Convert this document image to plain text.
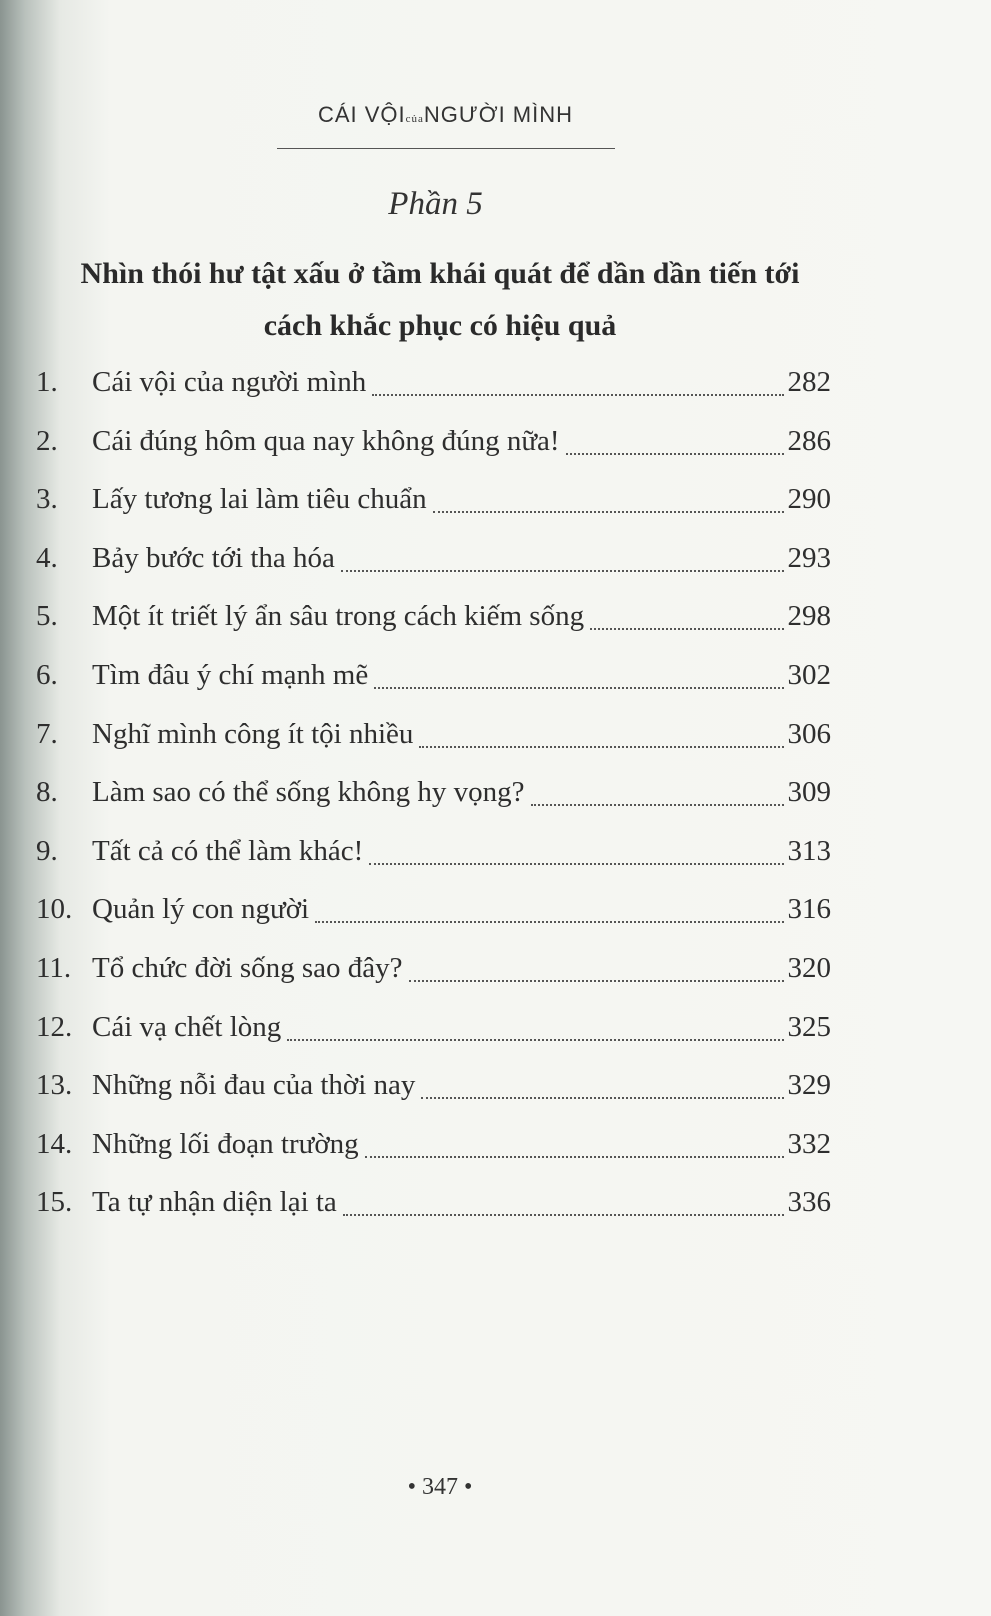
CÁI VỘIcủaNGƯỜI MÌNH
Phần 5
Nhìn thói hư tật xấu ở tầm khái quát để dần dần tiến tới
cách khắc phục có hiệu quả
1. Cái vội của người mình	282
2. Cái đúng hôm qua nay không đúng nữa!	286
3. Lấy tương lai làm tiêu chuẩn	290
4. Bảy bước tới tha hóa	293
5. Một ít triết lý ẩn sâu trong cách kiếm sống	298
6. Tìm đâu ý chí mạnh mẽ	302
7. Nghĩ mình công ít tội nhiều	306
8. Làm sao có thể sống không hy vọng?	309
9. Tất cả có thể làm khác!	313
10. Quản lý con người	316
11. Tổ chức đời sống sao đây?	320
12. Cái vạ chết lòng	325
13. Những nỗi đau của thời nay	329
14. Những lối đoạn trường	332
15. Ta tự nhận diện lại ta	336
• 347 •
